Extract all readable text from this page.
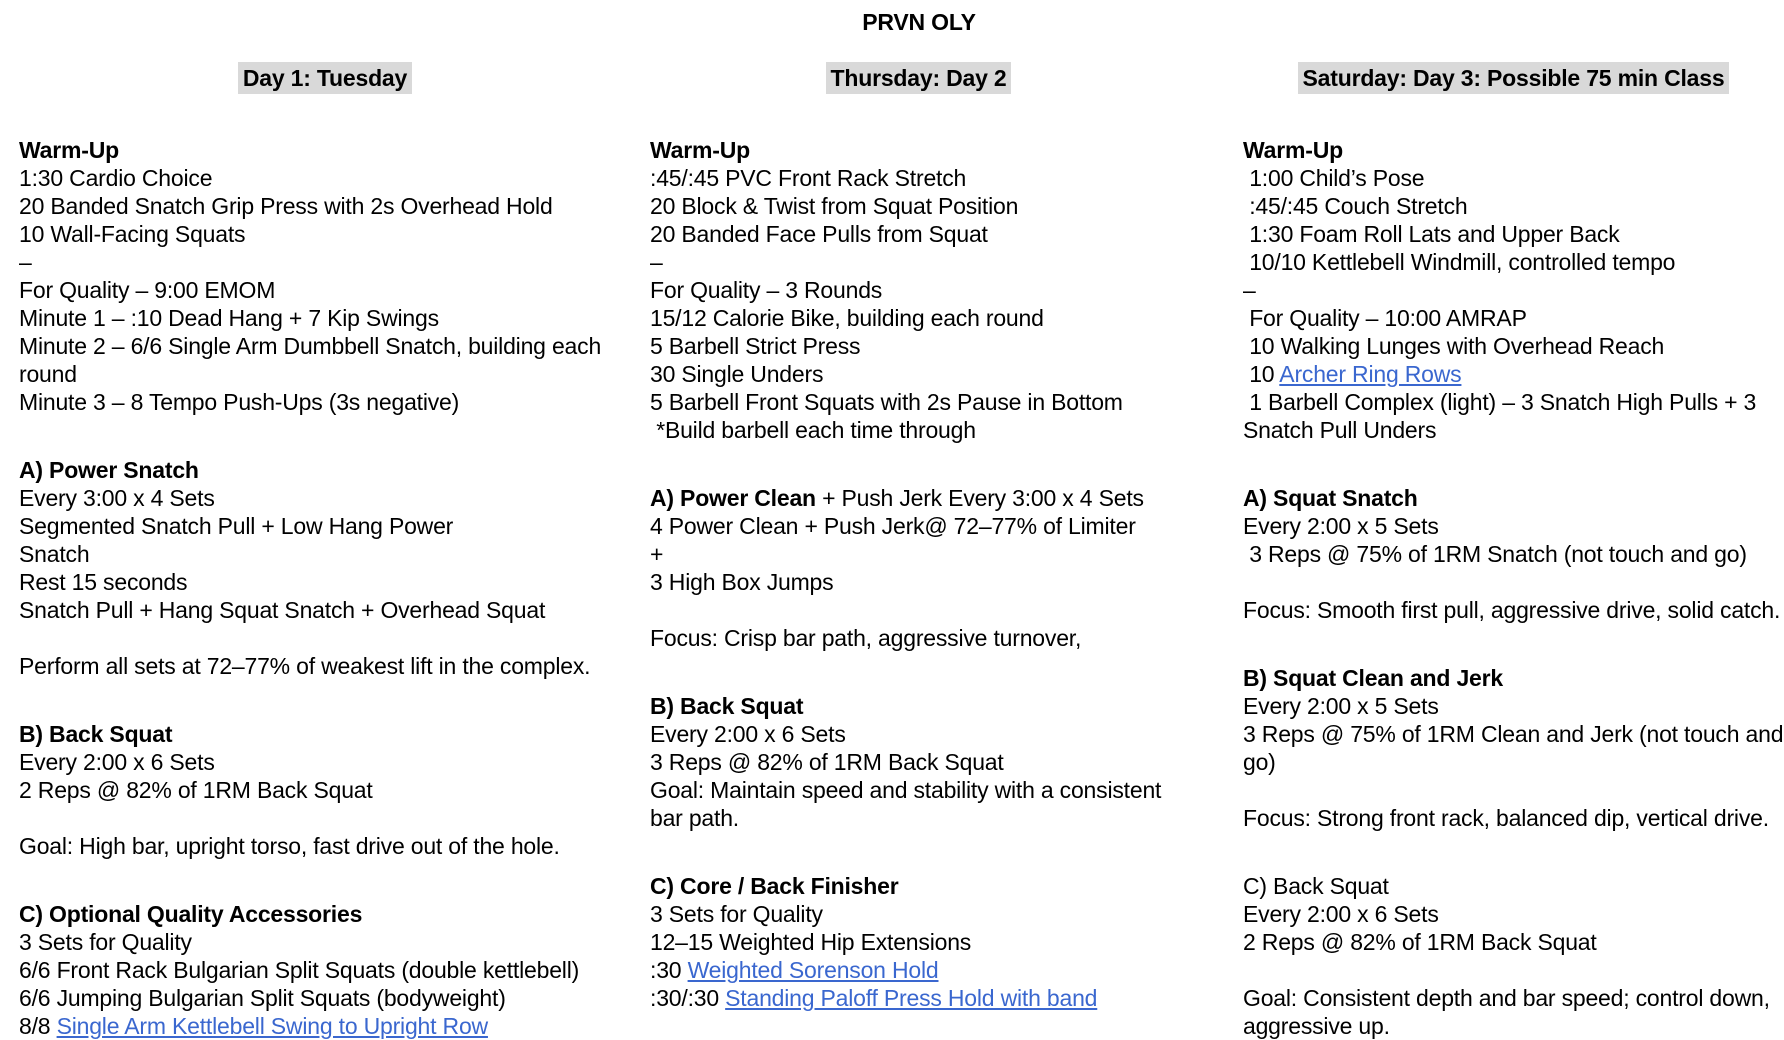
PRVN OLY
Day 1: Tuesday
Warm-Up
1:30 Cardio Choice
20 Banded Snatch Grip Press with 2s Overhead Hold
10 Wall-Facing Squats
–
For Quality – 9:00 EMOM
Minute 1 – :10 Dead Hang + 7 Kip Swings
Minute 2 – 6/6 Single Arm Dumbbell Snatch, building each
round
Minute 3 – 8 Tempo Push-Ups (3s negative)
A) Power Snatch
Every 3:00 x 4 Sets
Segmented Snatch Pull + Low Hang Power
Snatch
Rest 15 seconds
Snatch Pull + Hang Squat Snatch + Overhead Squat
Perform all sets at 72–77% of weakest lift in the complex.
B) Back Squat
Every 2:00 x 6 Sets
2 Reps @ 82% of 1RM Back Squat
Goal: High bar, upright torso, fast drive out of the hole.
C) Optional Quality Accessories
3 Sets for Quality
6/6 Front Rack Bulgarian Split Squats (double kettlebell)
6/6 Jumping Bulgarian Split Squats (bodyweight)
8/8 Single Arm Kettlebell Swing to Upright Row
Thursday: Day 2
Warm-Up
:45/:45 PVC Front Rack Stretch
20 Block & Twist from Squat Position
20 Banded Face Pulls from Squat
–
For Quality – 3 Rounds
15/12 Calorie Bike, building each round
5 Barbell Strict Press
30 Single Unders
5 Barbell Front Squats with 2s Pause in Bottom
*Build barbell each time through
A) Power Clean + Push Jerk Every 3:00 x 4 Sets
4 Power Clean + Push Jerk@ 72–77% of Limiter
+
3 High Box Jumps
Focus: Crisp bar path, aggressive turnover,
B) Back Squat
Every 2:00 x 6 Sets
3 Reps @ 82% of 1RM Back Squat
Goal: Maintain speed and stability with a consistent
bar path.
C) Core / Back Finisher
3 Sets for Quality
12–15 Weighted Hip Extensions
:30 Weighted Sorenson Hold
:30/:30 Standing Paloff Press Hold with band
Saturday: Day 3: Possible 75 min Class
Warm-Up
1:00 Child’s Pose
:45/:45 Couch Stretch
1:30 Foam Roll Lats and Upper Back
10/10 Kettlebell Windmill, controlled tempo
–
For Quality – 10:00 AMRAP
10 Walking Lunges with Overhead Reach
10 Archer Ring Rows
1 Barbell Complex (light) – 3 Snatch High Pulls + 3
Snatch Pull Unders
A) Squat Snatch
Every 2:00 x 5 Sets
3 Reps @ 75% of 1RM Snatch (not touch and go)
Focus: Smooth first pull, aggressive drive, solid catch.
B) Squat Clean and Jerk
Every 2:00 x 5 Sets
3 Reps @ 75% of 1RM Clean and Jerk (not touch and
go)
Focus: Strong front rack, balanced dip, vertical drive.
C) Back Squat
Every 2:00 x 6 Sets
2 Reps @ 82% of 1RM Back Squat
Goal: Consistent depth and bar speed; control down,
aggressive up.
